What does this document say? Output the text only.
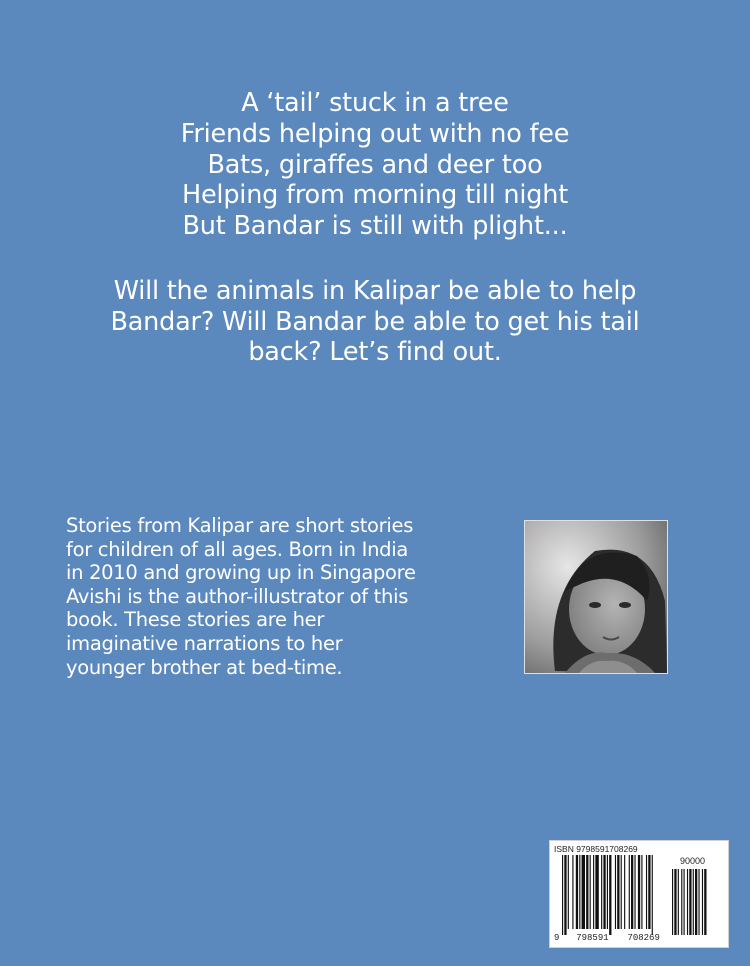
A ‘tail’ stuck in a tree
Friends helping out with no fee
Bats, giraffes and deer too
Helping from morning till night
But Bandar is still with plight...
Will the animals in Kalipar be able to help
Bandar? Will Bandar be able to get his tail
back? Let’s find out.
Stories from Kalipar are short stories
for children of all ages. Born in India
in 2010 and growing up in Singapore
Avishi is the author-illustrator of this
book. These stories are her
imaginative narrations to her
younger brother at bed-time.
ISBN 9798591708269
90000
9 798591 708269
